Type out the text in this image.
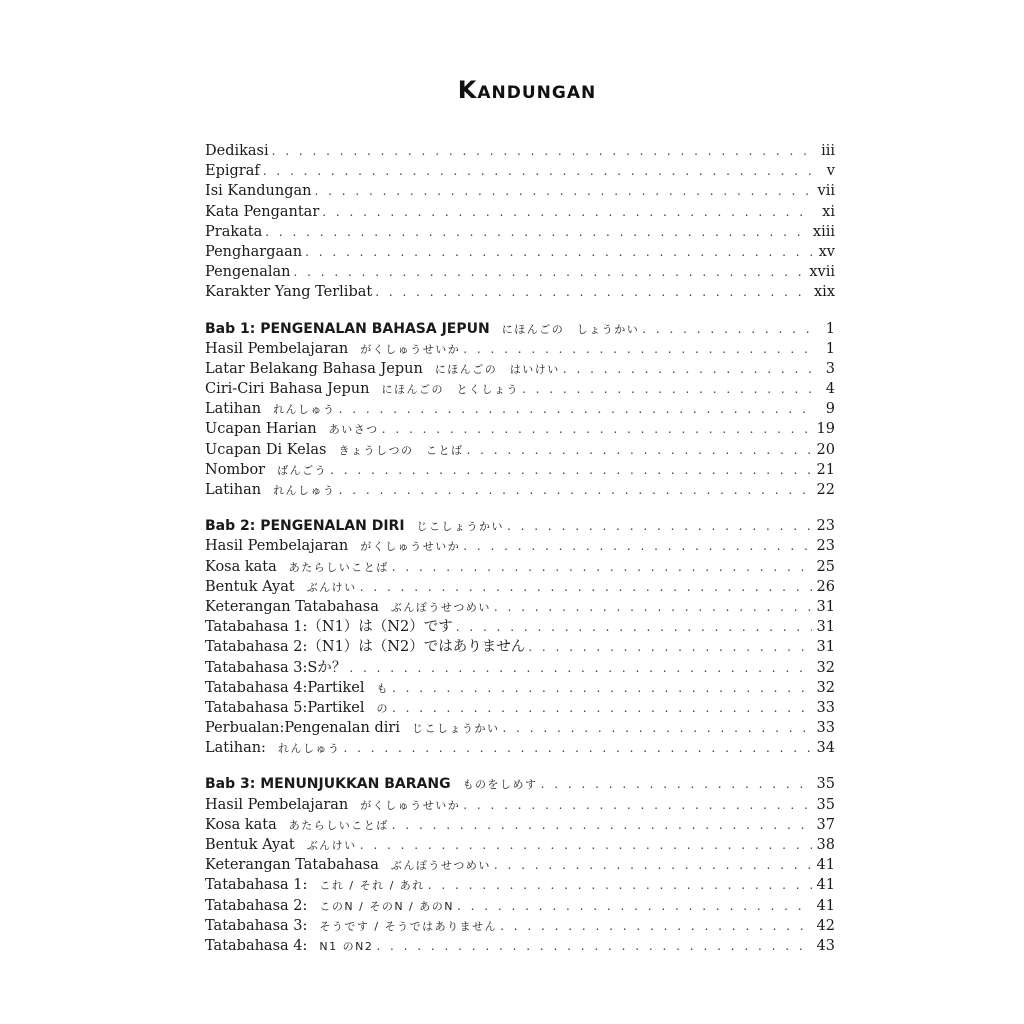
Kandungan
Dedikasi . . .	iii
Epigraf . . .	v
Isi Kandungan . . .	vii
Kata Pengantar . . .	xi
Prakata . . .	xiii
Penghargaan . . .	xv
Pengenalan . . .	xvii
Karakter Yang Terlibat . . .	xix
Bab 1: PENGENALAN BAHASA JEPUN にほんごの　しょうかい . . .	1
Hasil Pembelajaran がくしゅうせいか . . .	1
Latar Belakang Bahasa Jepun にほんごの　はいけい . . .	3
Ciri-Ciri Bahasa Jepun にほんごの　とくしょう . . .	4
Latihan れんしゅう . . .	9
Ucapan Harian あいさつ . . .	19
Ucapan Di Kelas きょうしつの　ことば . . .	20
Nombor ばんごう . . .	21
Latihan れんしゅう . . .	22
Bab 2: PENGENALAN DIRI じこしょうかい . . .	23
Hasil Pembelajaran がくしゅうせいか . . .	23
Kosa kata あたらしいことば . . .	25
Bentuk Ayat ぶんけい . . .	26
Keterangan Tatabahasa ぶんぽうせつめい . . .	31
Tatabahasa 1:（N1）は（N2）です . . .	31
Tatabahasa 2:（N1）は（N2）ではありません . . .	31
Tatabahasa 3:Sか？ . . .	32
Tatabahasa 4:Partikel も . . .	32
Tatabahasa 5:Partikel の . . .	33
Perbualan:Pengenalan diri じこしょうかい . . .	33
Latihan: れんしゅう . . .	34
Bab 3: MENUNJUKKAN BARANG ものをしめす . . .	35
Hasil Pembelajaran がくしゅうせいか . . .	35
Kosa kata あたらしいことば . . .	37
Bentuk Ayat ぶんけい . . .	38
Keterangan Tatabahasa ぶんぽうせつめい . . .	41
Tatabahasa 1: これ / それ / あれ . . .	41
Tatabahasa 2: このN / そのN / あのN . . .	41
Tatabahasa 3: そうです / そうではありません . . .	42
Tatabahasa 4: N1 のN2 . . .	43
